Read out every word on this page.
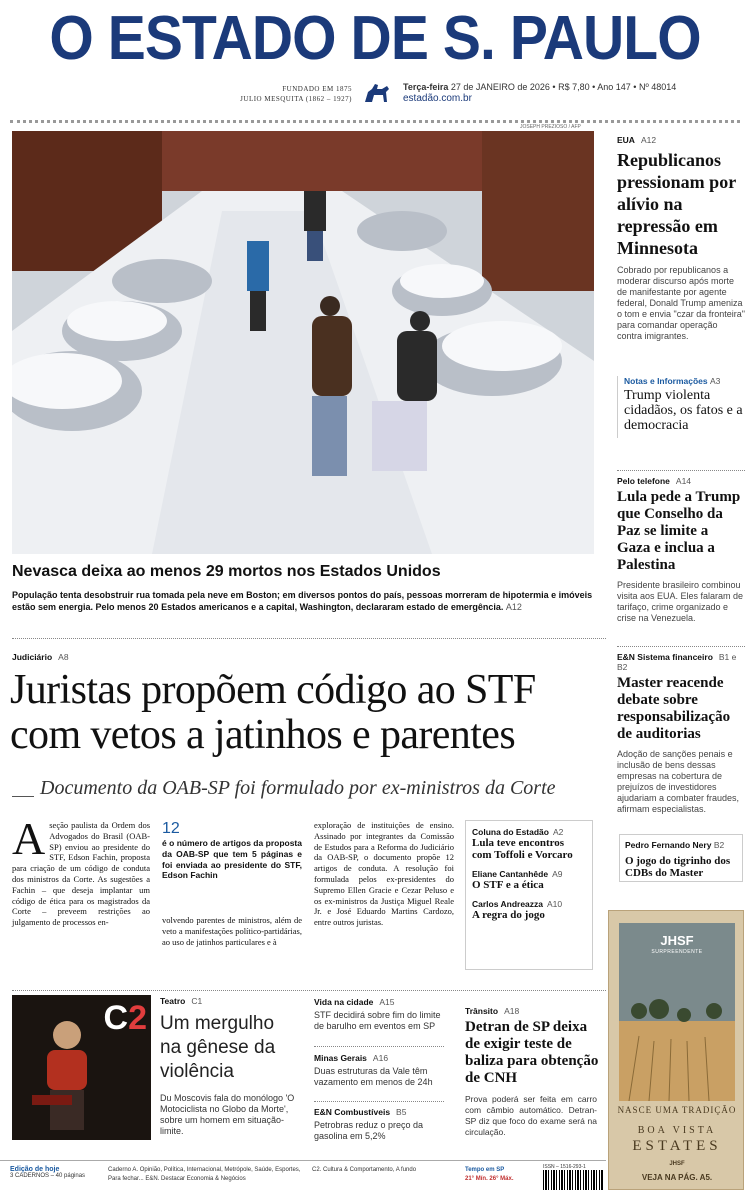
O ESTADO DE S. PAULO
FUNDADO EM 1875
JULIO MESQUITA (1862 – 1927)
Terça-feira 27 de JANEIRO de 2026 • R$ 7,80 • Ano 147 • Nº 48014
estadão.com.br
JOSEPH PREZIOSO / AFP
Nevasca deixa ao menos 29 mortos nos Estados Unidos
População tenta desobstruir rua tomada pela neve em Boston; em diversos pontos do país, pessoas morreram de hipotermia e imóveis estão sem energia. Pelo menos 20 Estados americanos e a capital, Washington, declararam estado de emergência. A12
Judiciário A8
Juristas propõem código ao STF com vetos a jatinhos e parentes
Documento da OAB-SP foi formulado por ex-ministros da Corte
Aseção paulista da Ordem dos Advogados do Brasil (OAB-SP) enviou ao presidente do STF, Edson Fachin, proposta para criação de um código de conduta dos ministros da Corte. As sugestões a Fachin – que deseja implantar um código de ética para os magistrados da Corte – preveem restrições ao julgamento de processos en-
12
é o número de artigos da proposta da OAB-SP que tem 5 páginas e foi enviada ao presidente do STF, Edson Fachin
volvendo parentes de ministros, além de veto a manifestações político-partidárias, ao uso de jatinhos particulares e à
exploração de instituições de ensino. Assinado por integrantes da Comissão de Estudos para a Reforma do Judiciário da OAB-SP, o documento propõe 12 artigos de conduta. A resolução foi formulada pelos ex-presidentes do Supremo Ellen Gracie e Cezar Peluso e os ex-ministros da Justiça Miguel Reale Jr. e José Eduardo Martins Cardozo, entre outros juristas.
Coluna do Estadão A2
Lula teve encontros com Toffoli e Vorcaro
Eliane Cantanhêde A9
O STF e a ética
Carlos Andreazza A10
A regra do jogo
C2 Teatro C1
Um mergulho na gênese da violência
Du Moscovis fala do monólogo 'O Motociclista no Globo da Morte', sobre um homem em situação-limite.
Vida na cidade A15
STF decidirá sobre fim do limite de barulho em eventos em SP
Minas Gerais A16
Duas estruturas da Vale têm vazamento em menos de 24h
E&N Combustíveis B5
Petrobras reduz o preço da gasolina em 5,2%
Trânsito A18
Detran de SP deixa de exigir teste de baliza para obtenção de CNH
Prova poderá ser feita em carro com câmbio automático. Detran-SP diz que foco do exame será na circulação.
EUA A12
Republicanos pressionam por alívio na repressão em Minnesota
Cobrado por republicanos a moderar discurso após morte de manifestante por agente federal, Donald Trump ameniza o tom e envia "czar da fronteira" para comandar operação contra imigrantes.
Notas e Informações A3
Trump violenta cidadãos, os fatos e a democracia
Pelo telefone A14
Lula pede a Trump que Conselho da Paz se limite a Gaza e inclua a Palestina
Presidente brasileiro combinou visita aos EUA. Eles falaram de tarifaço, crime organizado e crise na Venezuela.
E&N Sistema financeiro B1 e B2
Master reacende debate sobre responsabilização de auditorias
Adoção de sanções penais e inclusão de bens dessas empresas na cobertura de prejuízos de investidores ajudariam a combater fraudes, afirmam especialistas.
Pedro Fernando Nery B2
O jogo do tigrinho dos CDBs do Master
JHSF
SURPREENDENTE
NASCE UMA TRADIÇÃO
BOA VISTA
ESTATES
JHSF
VEJA NA PÁG. A5.
Edição de hoje
3 CADERNOS – 40 páginas
Caderno A. Opinião, Política, Internacional, Metrópole, Saúde, Esportes, Para fechar... E&N. Destacar Economia & Negócios
C2. Cultura & Comportamento, A fundo	Tempo em SP
21° Mín. 26° Máx.
ISSN – 1516-293-1
